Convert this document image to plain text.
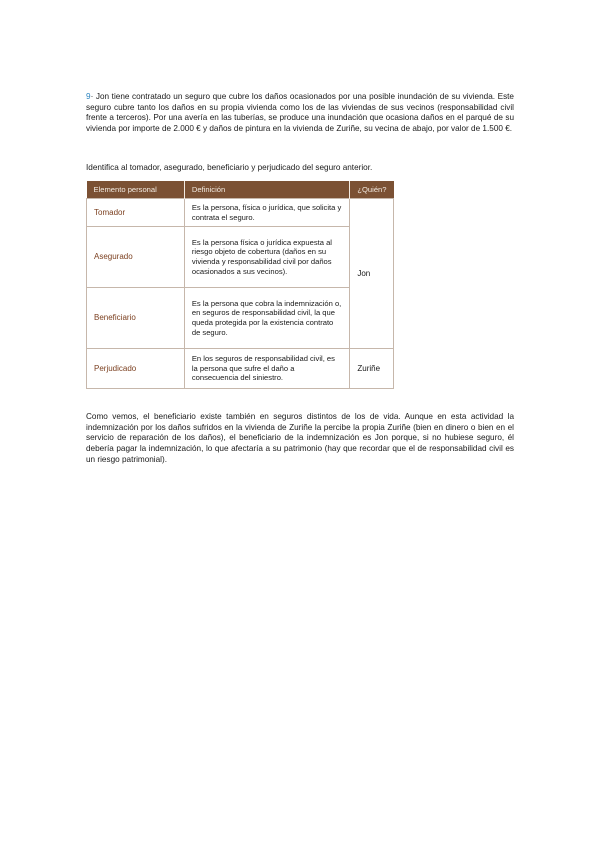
9· Jon tiene contratado un seguro que cubre los daños ocasionados por una posible inundación de su vivienda. Este seguro cubre tanto los daños en su propia vivienda como los de las viviendas de sus vecinos (responsabilidad civil frente a terceros). Por una avería en las tuberías, se produce una inundación que ocasiona daños en el parqué de su vivienda por importe de 2.000 € y daños de pintura en la vivienda de Zuriñe, su vecina de abajo, por valor de 1.500 €.

Identifica al tomador, asegurado, beneficiario y perjudicado del seguro anterior.

Elemento personal	Definición	¿Quién?
Tomador	Es la persona, física o jurídica, que solicita y contrata el seguro.	Jon
Asegurado	Es la persona física o jurídica expuesta al riesgo objeto de cobertura (daños en su vivienda y responsabilidad civil por daños ocasionados a sus vecinos).	
Beneficiario	Es la persona que cobra la indemnización o, en seguros de responsabilidad civil, la que queda protegida por la existencia contrato de seguro.	
Perjudicado	En los seguros de responsabilidad civil, es la persona que sufre el daño a consecuencia del siniestro.	Zuriñe

Como vemos, el beneficiario existe también en seguros distintos de los de vida. Aunque en esta actividad la indemnización por los daños sufridos en la vivienda de Zuriñe la percibe la propia Zuriñe (bien en dinero o bien en el servicio de reparación de los daños), el beneficiario de la indemnización es Jon porque, si no hubiese seguro, él debería pagar la indemnización, lo que afectaría a su patrimonio (hay que recordar que el de responsabilidad civil es un riesgo patrimonial).
